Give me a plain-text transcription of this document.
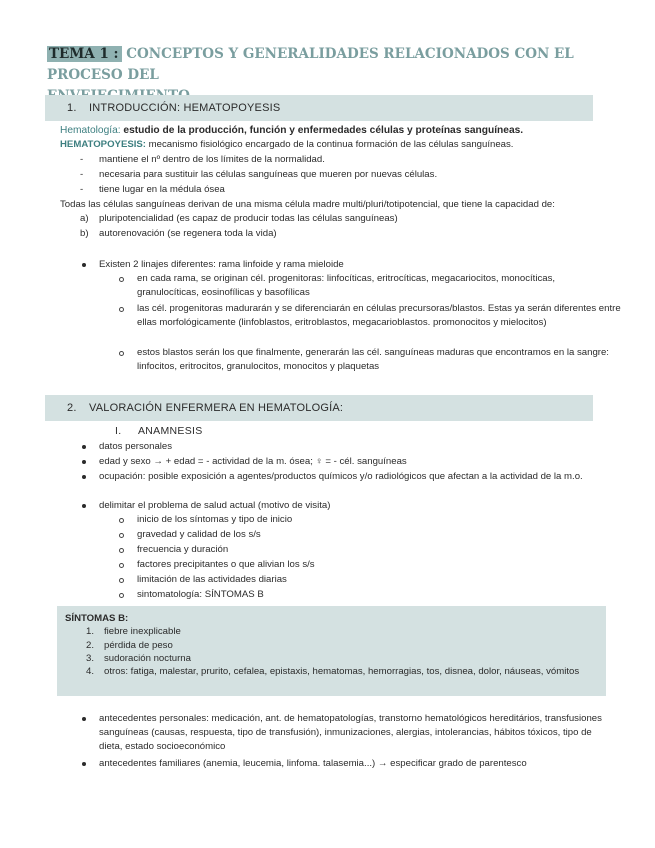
TEMA 1 : CONCEPTOS Y GENERALIDADES RELACIONADOS CON EL PROCESO DEL

1.	INTRODUCCIÓN: HEMATOPOYESIS
Hematología: estudio de la producción, función y enfermedades células y proteínas sanguíneas.
HEMATOPOYESIS: mecanismo fisiológico encargado de la continua formación de las células sanguíneas.
- mantiene el nº dentro de los límites de la normalidad.
- necesaria para sustituir las células sanguíneas que mueren por nuevas células.
- tiene lugar en la médula ósea
Todas las células sanguíneas derivan de una misma célula madre multi/pluri/totipotencial, que tiene la capacidad de:
a) pluripotencialidad (es capaz de producir todas las células sanguíneas)
b) autorenovación (se regenera toda la vida)
Existen 2 linajes diferentes: rama linfoide y rama mieloide
en cada rama, se originan cél. progenitoras: linfocíticas, eritrocíticas, megacariocitos, monocíticas, granulocíticas, eosinofílicas y basofílicas
las cél. progenitoras madurarán y se diferenciarán en células precursoras/blastos. Estas ya serán diferentes entre ellas morfológicamente (linfoblastos, eritroblastos, megacarioblastos. promonocitos y mielocitos)
estos blastos serán los que finalmente, generarán las cél. sanguíneas maduras que encontramos en la sangre: linfocitos, eritrocitos, granulocitos, monocitos y plaquetas
2.	VALORACIÓN ENFERMERA EN HEMATOLOGÍA:
I. ANAMNESIS
datos personales
edad y sexo → + edad = - actividad de la m. ósea; ♀ = - cél. sanguíneas
ocupación: posible exposición a agentes/productos químicos y/o radiológicos que afectan a la actividad de la m.o.
delimitar el problema de salud actual (motivo de visita)
inicio de los síntomas y tipo de inicio
gravedad y calidad de los s/s
frecuencia y duración
factores precipitantes o que alivian los s/s
limitación de las actividades diarias
sintomatología: SÍNTOMAS B
SÍNTOMAS B:
1. fiebre inexplicable
2. pérdida de peso
3. sudoración nocturna
4. otros: fatiga, malestar, prurito, cefalea, epistaxis, hematomas, hemorragias, tos, disnea, dolor, náuseas, vómitos
antecedentes personales: medicación, ant. de hematopatologías, transtorno hematológicos hereditários, transfusiones sanguíneas (causas, respuesta, tipo de transfusión), inmunizaciones, alergias, intolerancias, hábitos tóxicos, tipo de dieta, estado socioeconómico
antecedentes familiares (anemia, leucemia, linfoma. talasemia...) → especificar grado de parentesco
